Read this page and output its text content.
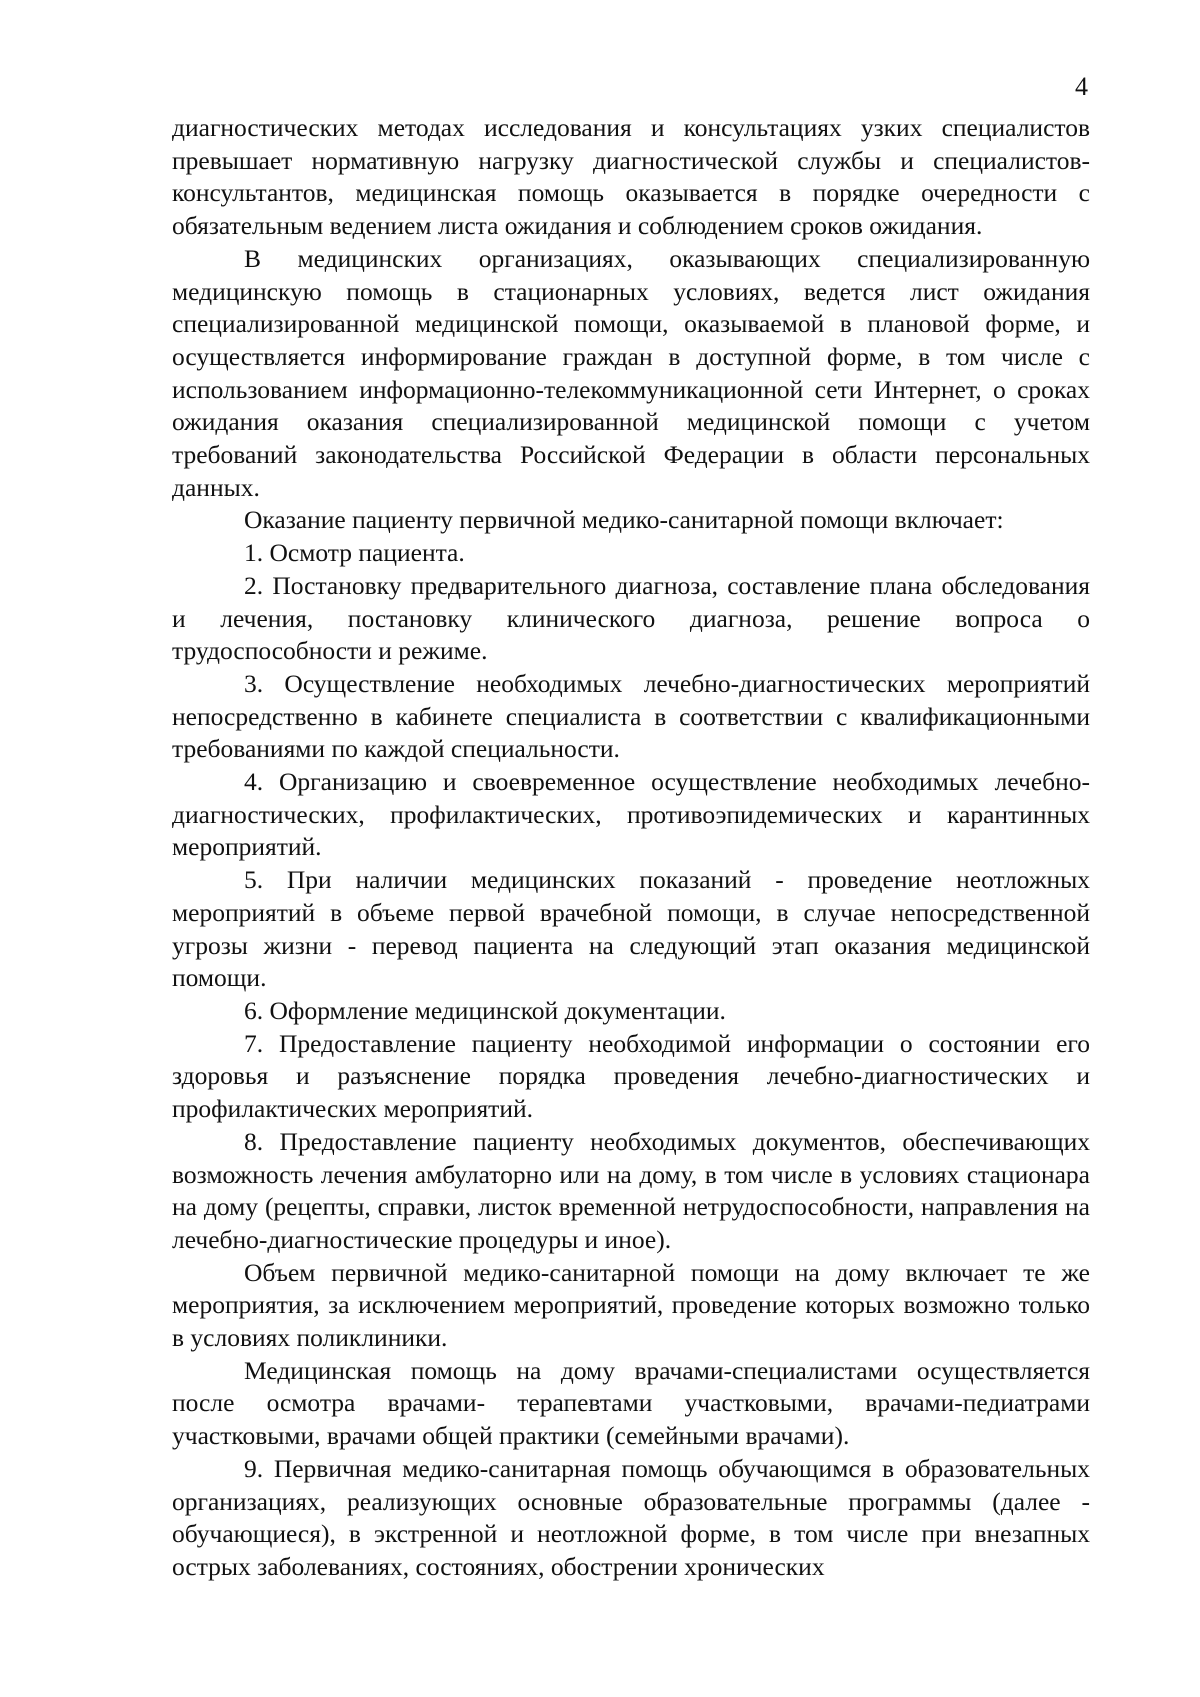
4

диагностических методах исследования и консультациях узких специалистов превышает нормативную нагрузку диагностической службы и специалистов-консультантов, медицинская помощь оказывается в порядке очередности с обязательным ведением листа ожидания и соблюдением сроков ожидания.

В медицинских организациях, оказывающих специализированную медицинскую помощь в стационарных условиях, ведется лист ожидания специализированной медицинской помощи, оказываемой в плановой форме, и осуществляется информирование граждан в доступной форме, в том числе с использованием информационно-телекоммуникационной сети Интернет, о сроках ожидания оказания специализированной медицинской помощи с учетом требований законодательства Российской Федерации в области персональных данных.

Оказание пациенту первичной медико-санитарной помощи включает:

1. Осмотр пациента.

2. Постановку предварительного диагноза, составление плана обследования и лечения, постановку клинического диагноза, решение вопроса о трудоспособности и режиме.

3. Осуществление необходимых лечебно-диагностических мероприятий непосредственно в кабинете специалиста в соответствии с квалификационными требованиями по каждой специальности.

4. Организацию и своевременное осуществление необходимых лечебно-диагностических, профилактических, противоэпидемических и карантинных мероприятий.

5. При наличии медицинских показаний - проведение неотложных мероприятий в объеме первой врачебной помощи, в случае непосредственной угрозы жизни - перевод пациента на следующий этап оказания медицинской помощи.

6. Оформление медицинской документации.

7. Предоставление пациенту необходимой информации о состоянии его здоровья и разъяснение порядка проведения лечебно-диагностических и профилактических мероприятий.

8. Предоставление пациенту необходимых документов, обеспечивающих возможность лечения амбулаторно или на дому, в том числе в условиях стационара на дому (рецепты, справки, листок временной нетрудоспособности, направления на лечебно-диагностические процедуры и иное).

Объем первичной медико-санитарной помощи на дому включает те же мероприятия, за исключением мероприятий, проведение которых возможно только в условиях поликлиники.

Медицинская помощь на дому врачами-специалистами осуществляется после осмотра врачами- терапевтами участковыми, врачами-педиатрами участковыми, врачами общей практики (семейными врачами).

9. Первичная медико-санитарная помощь обучающимся в образовательных организациях, реализующих основные образовательные программы (далее - обучающиеся), в экстренной и неотложной форме, в том числе при внезапных острых заболеваниях, состояниях, обострении хронических
